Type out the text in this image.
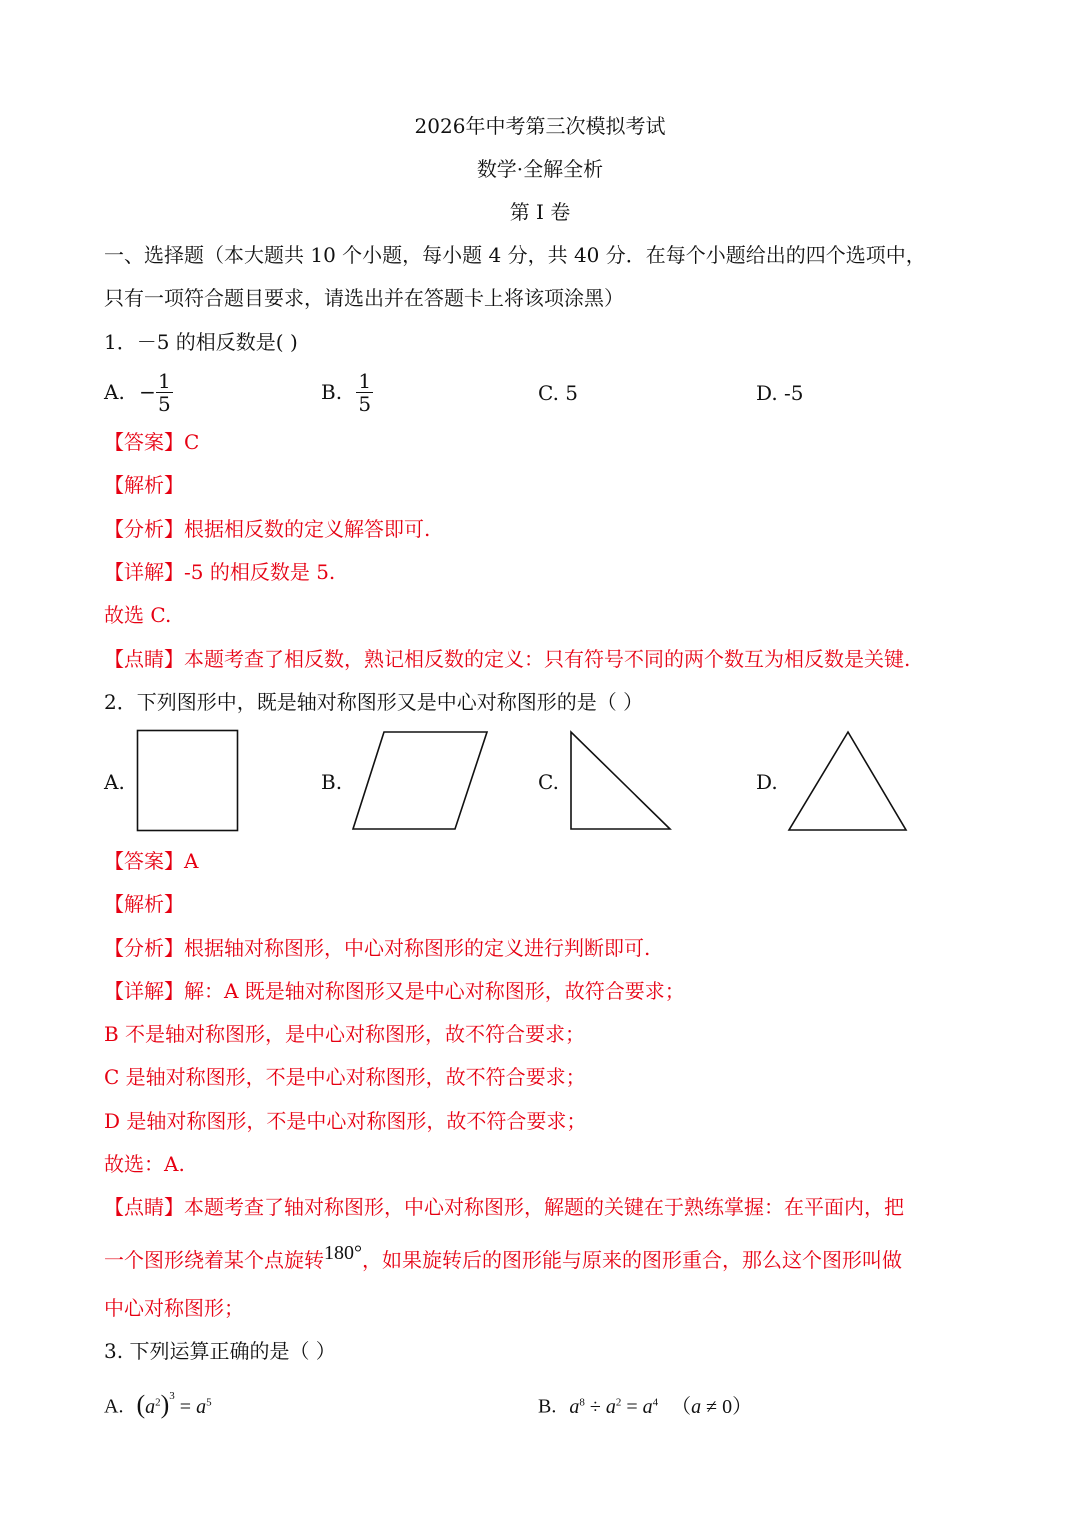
2026年中考第三次模拟考试
数学·全解全析
第 I 卷
一、选择题（本大题共 10 个小题，每小题 4 分，共 40 分．在每个小题给出的四个选项中，
只有一项符合题目要求，请选出并在答题卡上将该项涂黑）
1．－5 的相反数是( )
A. − $\frac{1}{5}$	B. $\frac{1}{5}$	C. 5	D. -5
【答案】C
【解析】
【分析】根据相反数的定义解答即可.
【详解】-5 的相反数是 5.
故选 C.
【点睛】本题考查了相反数，熟记相反数的定义：只有符号不同的两个数互为相反数是关键.
2．下列图形中，既是轴对称图形又是中心对称图形的是（ ）
A.	B.	C.	D.
【答案】A
【解析】
【分析】根据轴对称图形，中心对称图形的定义进行判断即可.
【详解】解：A 既是轴对称图形又是中心对称图形，故符合要求；
B 不是轴对称图形，是中心对称图形，故不符合要求；
C 是轴对称图形，不是中心对称图形，故不符合要求；
D 是轴对称图形，不是中心对称图形，故不符合要求；
故选：A.
【点睛】本题考查了轴对称图形，中心对称图形，解题的关键在于熟练掌握：在平面内，把
一个图形绕着某个点旋转180°，如果旋转后的图形能与原来的图形重合，那么这个图形叫做
中心对称图形；
3. 下列运算正确的是（ ）
A. $(a^2)^3 = a^5$	B. $a^8 \div a^2 = a^4$ （a ≠ 0）
